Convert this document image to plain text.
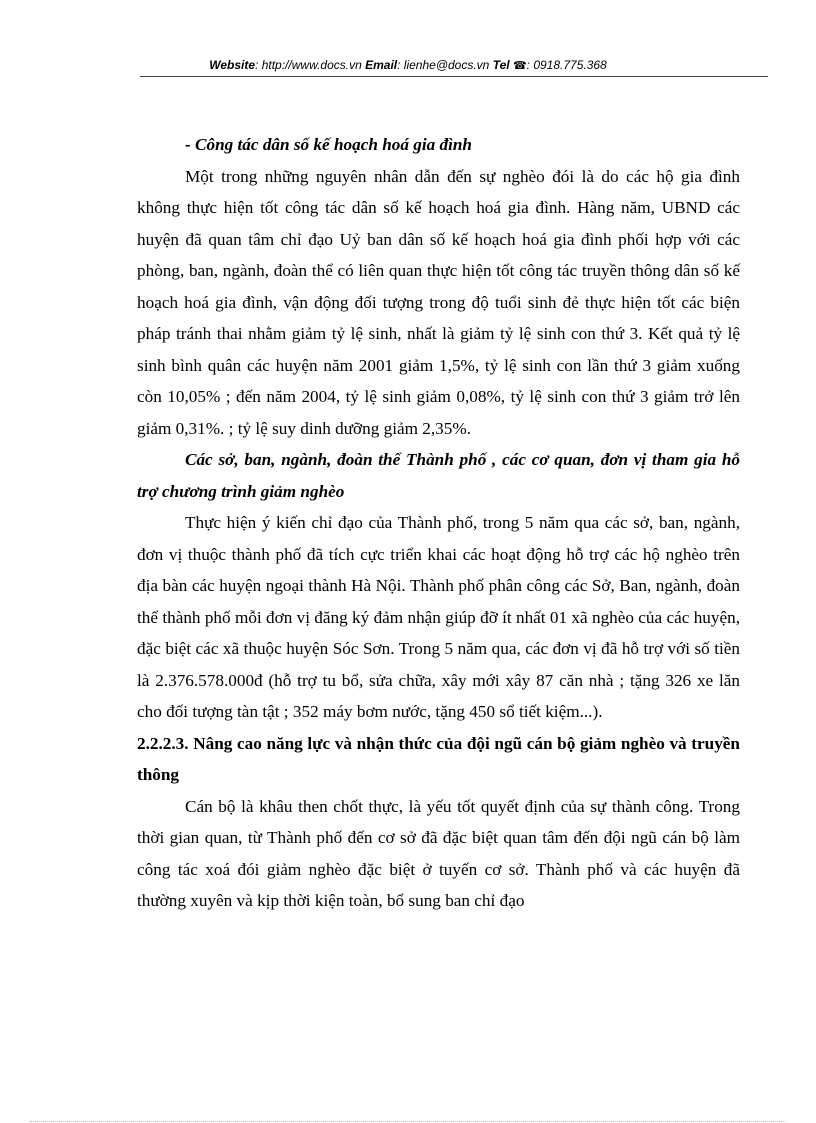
Website: http://www.docs.vn Email: lienhe@docs.vn Tel ☎: 0918.775.368

- Công tác dân số kế hoạch hoá gia đình

Một trong những nguyên nhân dẫn đến sự nghèo đói là do các hộ gia đình không thực hiện tốt công tác dân số kế hoạch hoá gia đình. Hàng năm, UBND các huyện đã quan tâm chỉ đạo Uỷ ban dân số kế hoạch hoá gia đình phối hợp với các phòng, ban, ngành, đoàn thể có liên quan thực hiện tốt công tác truyền thông dân số kế hoạch hoá gia đình, vận động đối tượng trong độ tuổi sinh đẻ thực hiện tốt các biện pháp tránh thai nhằm giảm tỷ lệ sinh, nhất là giảm tỷ lệ sinh con thứ 3. Kết quả tỷ lệ sinh bình quân các huyện năm 2001 giảm 1,5%, tỷ lệ sinh con lần thứ 3 giảm xuống còn 10,05% ; đến năm 2004, tỷ lệ sinh giảm 0,08%, tỷ lệ sinh con thứ 3 giảm trở lên giảm 0,31%. ; tỷ lệ suy dinh dưỡng giảm 2,35%.

Các sở, ban, ngành, đoàn thể Thành phố , các cơ quan, đơn vị tham gia hỗ trợ chương trình giảm nghèo

Thực hiện ý kiến chỉ đạo của Thành phố, trong 5 năm qua các sở, ban, ngành, đơn vị thuộc thành phố đã tích cực triển khai các hoạt động hỗ trợ các hộ nghèo trên địa bàn các huyện ngoại thành Hà Nội. Thành phố phân công các Sở, Ban, ngành, đoàn thể thành phố mỗi đơn vị đăng ký đảm nhận giúp đỡ ít nhất 01 xã nghèo của các huyện, đặc biệt các xã thuộc huyện Sóc Sơn. Trong 5 năm qua, các đơn vị đã hỗ trợ với số tiền là 2.376.578.000đ (hỗ trợ tu bổ, sửa chữa, xây mới xây 87 căn nhà ; tặng 326 xe lăn cho đối tượng tàn tật ; 352 máy bơm nước, tặng 450 sổ tiết kiệm...).

2.2.2.3. Nâng cao năng lực và nhận thức của đội ngũ cán bộ giảm nghèo và truyền thông

Cán bộ là khâu then chốt thực, là yếu tốt quyết định của sự thành công. Trong thời gian quan, từ Thành phố đến cơ sở đã đặc biệt quan tâm đến đội ngũ cán bộ làm công tác xoá đói giảm nghèo đặc biệt ở tuyến cơ sở. Thành phố và các huyện đã thường xuyên và kịp thời kiện toàn, bổ sung ban chỉ đạo
